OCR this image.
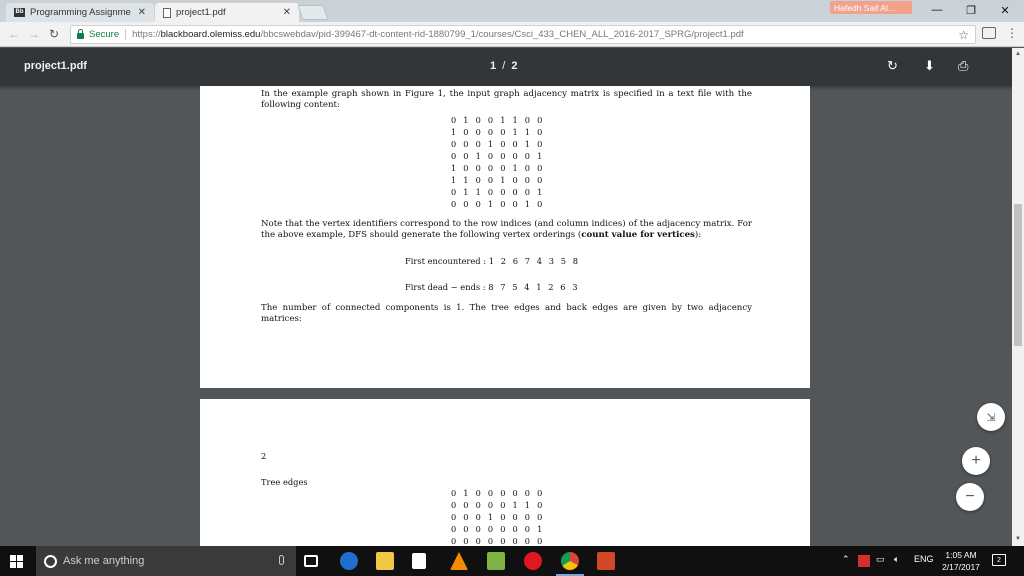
Bb Programming Assignme ✕	project1.pdf	✕	Hafedh Saif Al...	—	❐	✕
← → ↻	Secure https:// blackboard.olemiss.edu /bbcswebdav/pid-399467-dt-content-rid-1880799_1/courses/Csci_433_CHEN_ALL_2016-2017_SPRG/project1.pdf	☆	⋮
project1.pdf	1 / 2	↻ ⬇ ⎙
▲
▼

In the example graph shown in Figure 1, the input graph adjacency matrix is specified in a text file with the following content:

0 1 0 0 1 1 0 0
1 0 0 0 0 1 1 0
0 0 0 1 0 0 1 0
0 0 1 0 0 0 0 1
1 0 0 0 0 1 0 0
1 1 0 0 1 0 0 0
0 1 1 0 0 0 0 1
0 0 0 1 0 0 1 0

Note that the vertex identifiers correspond to the row indices (and column indices) of the adjacency matrix. For the above example, DFS should generate the following vertex orderings (count value for vertices):

First encountered : 1 2 6 7 4 3 5 8
First dead − ends : 8 7 5 4 1 2 6 3

The number of connected components is 1. The tree edges and back edges are given by two adjacency matrices:

2
Tree edges
0 1 0 0 0 0 0 0
0 0 0 0 0 1 1 0
0 0 0 1 0 0 0 0
0 0 0 0 0 0 0 1
0 0 0 0 0 0 0 0
⇲
+
−
Ask me anything	⌃	▭ 🔈︎ ENG	1:05 AM
2/17/2017
2
